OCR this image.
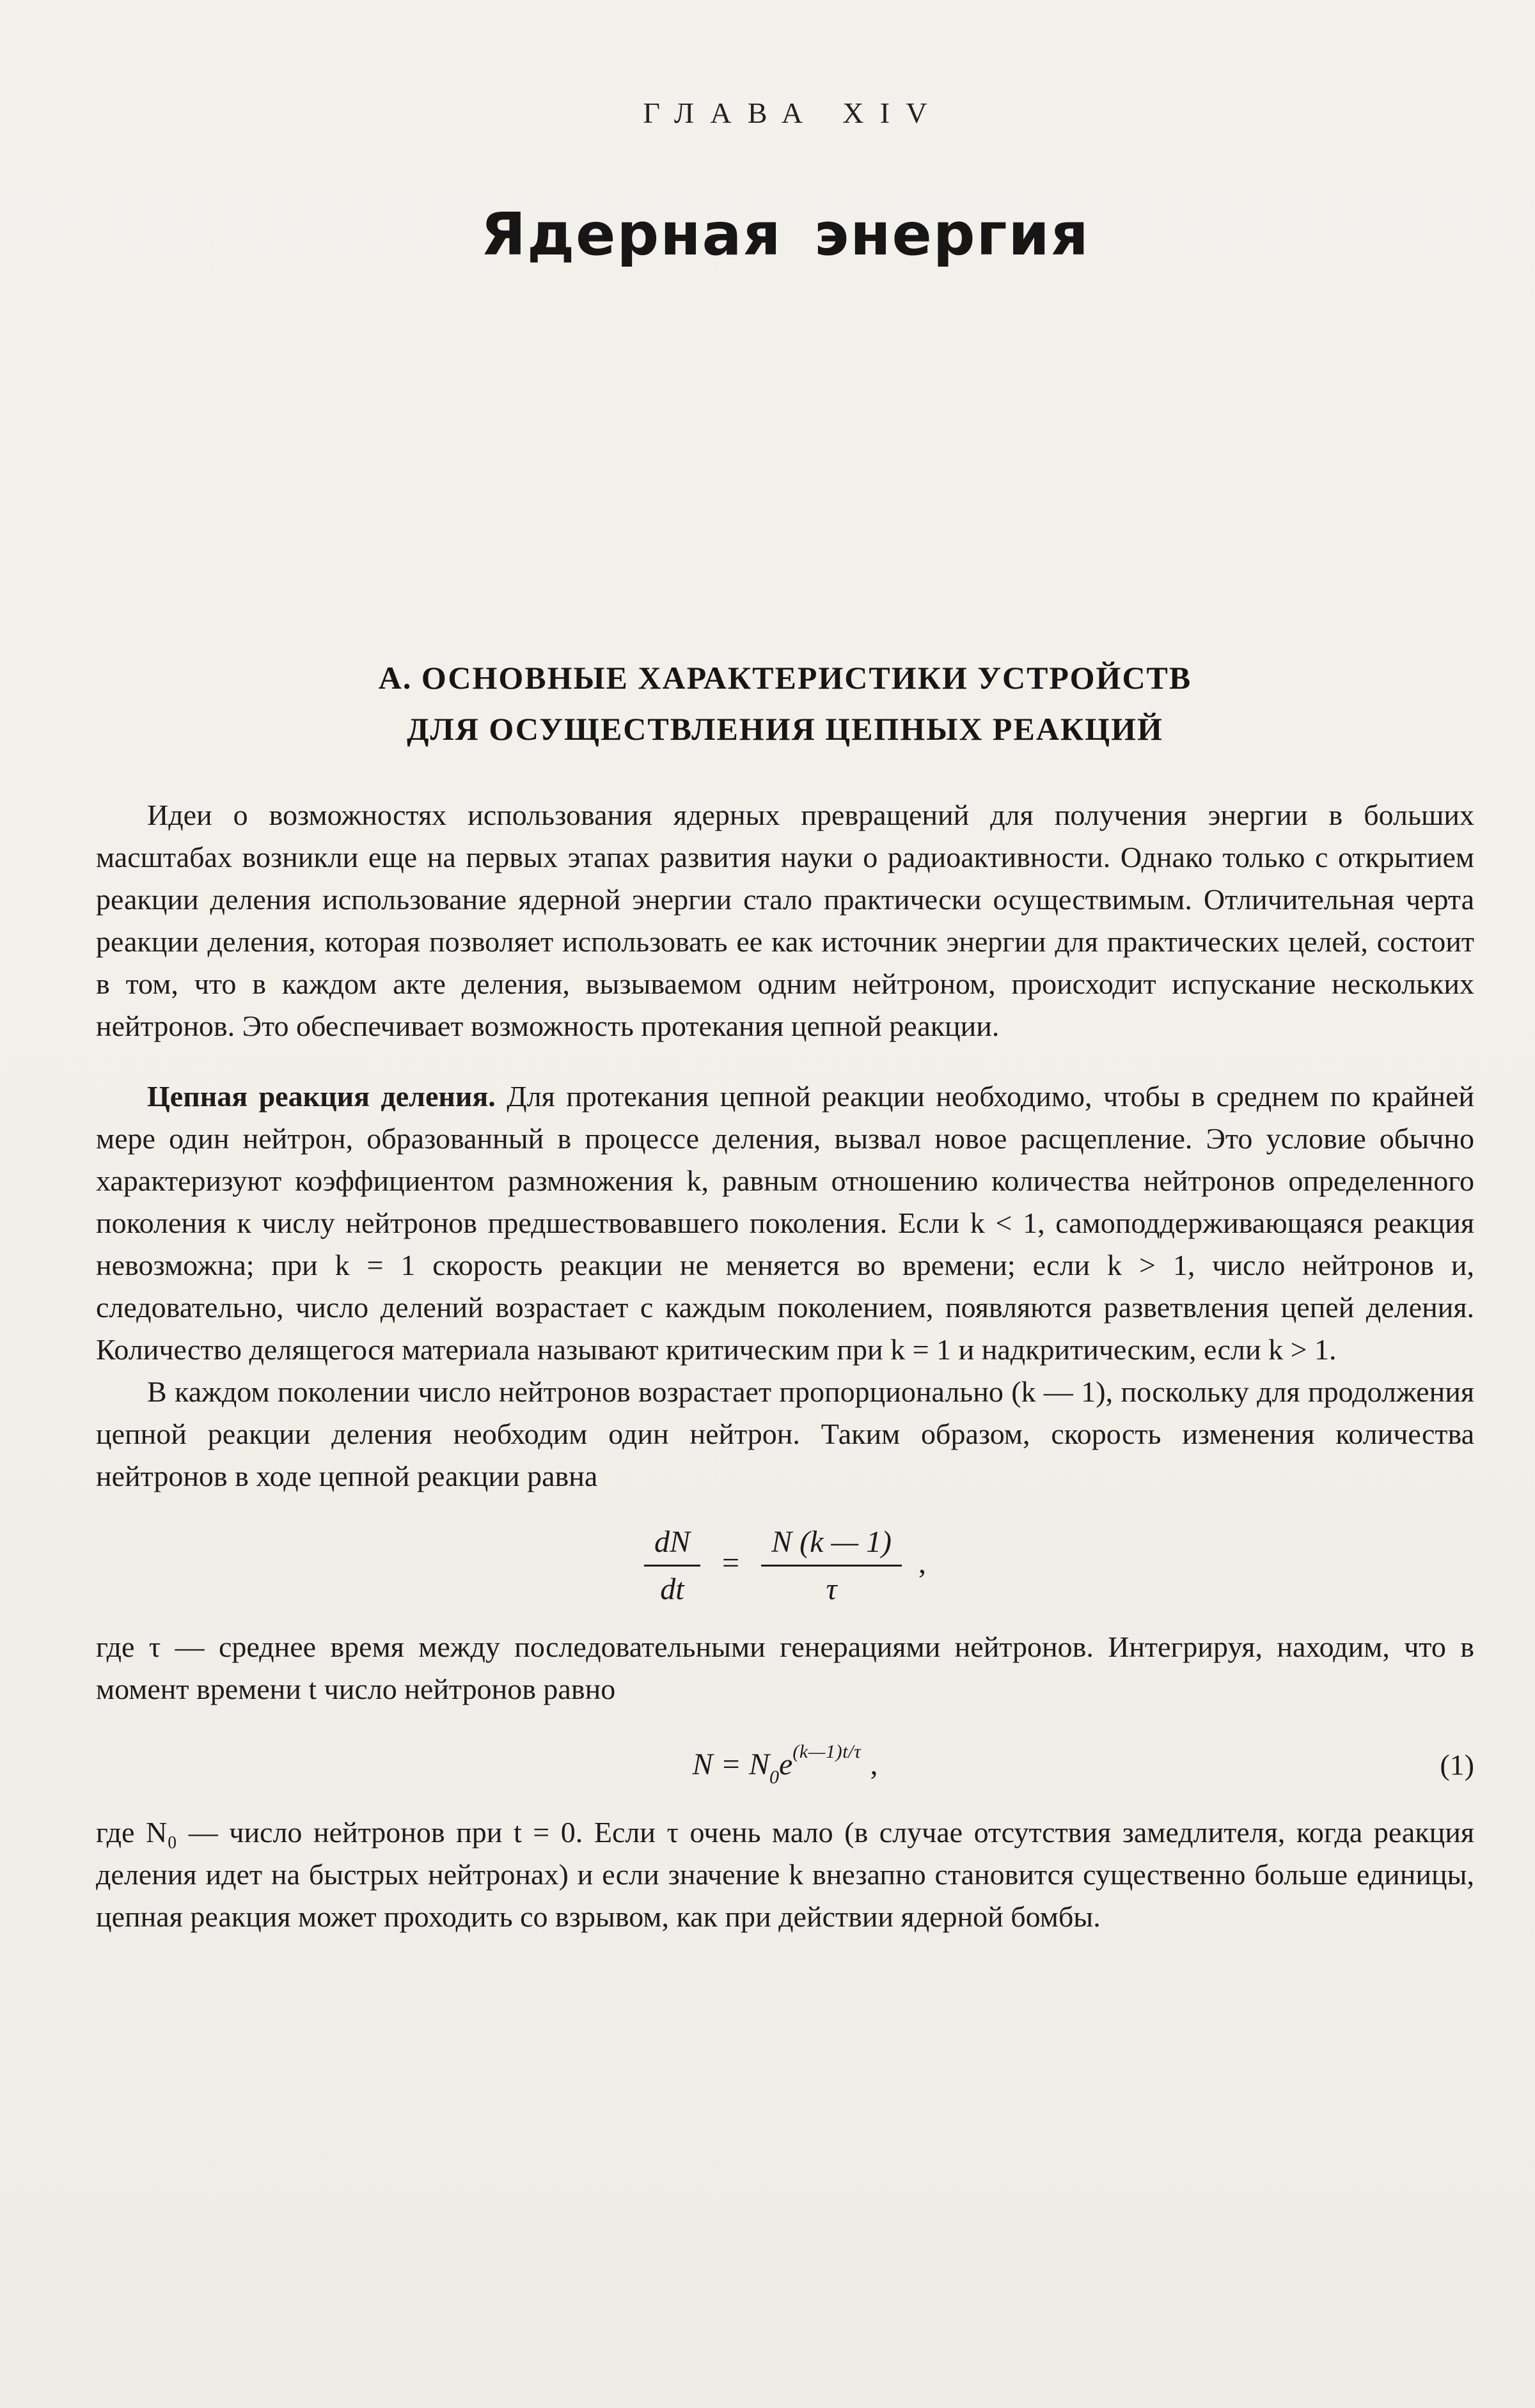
ГЛАВА XIV
Ядерная энергия
А. ОСНОВНЫЕ ХАРАКТЕРИСТИКИ УСТРОЙСТВ
ДЛЯ ОСУЩЕСТВЛЕНИЯ ЦЕПНЫХ РЕАКЦИЙ

Идеи о возможностях использования ядерных превращений для получения энергии в больших масштабах возникли еще на первых этапах развития науки о радиоактивности. Однако только с открытием реакции деления использование ядерной энергии стало практически осуществимым. Отличительная черта реакции деления, которая позволяет использовать ее как источник энергии для практических целей, состоит в том, что в каждом акте деления, вызываемом одним нейтроном, происходит испускание нескольких нейтронов. Это обеспечивает возможность протекания цепной реакции.

Цепная реакция деления. Для протекания цепной реакции необходимо, чтобы в среднем по крайней мере один нейтрон, образованный в процессе деления, вызвал новое расщепление. Это условие обычно характеризуют коэффициентом размножения k, равным отношению количества нейтронов определенного поколения к числу нейтронов предшествовавшего поколения. Если k < 1, самоподдерживающаяся реакция невозможна; при k = 1 скорость реакции не меняется во времени; если k > 1, число нейтронов и, следовательно, число делений возрастает с каждым поколением, появляются разветвления цепей деления. Количество делящегося материала называют критическим при k = 1 и надкритическим, если k > 1.

В каждом поколении число нейтронов возрастает пропорционально (k — 1), поскольку для продолжения цепной реакции деления необходим один нейтрон. Таким образом, скорость изменения количества нейтронов в ходе цепной реакции равна

$\frac{dN}{dt} = \frac{N (k — 1)}{\tau}$ ,

где τ — среднее время между последовательными генерациями нейтронов. Интегрируя, находим, что в момент времени t число нейтронов равно

$N = N_0e^{(k—1)t/\tau}$ ,	(1)

где N₀ — число нейтронов при t = 0. Если τ очень мало (в случае отсутствия замедлителя, когда реакция деления идет на быстрых нейтронах) и если значение k внезапно становится существенно больше единицы, цепная реакция может проходить со взрывом, как при действии ядерной бомбы.
